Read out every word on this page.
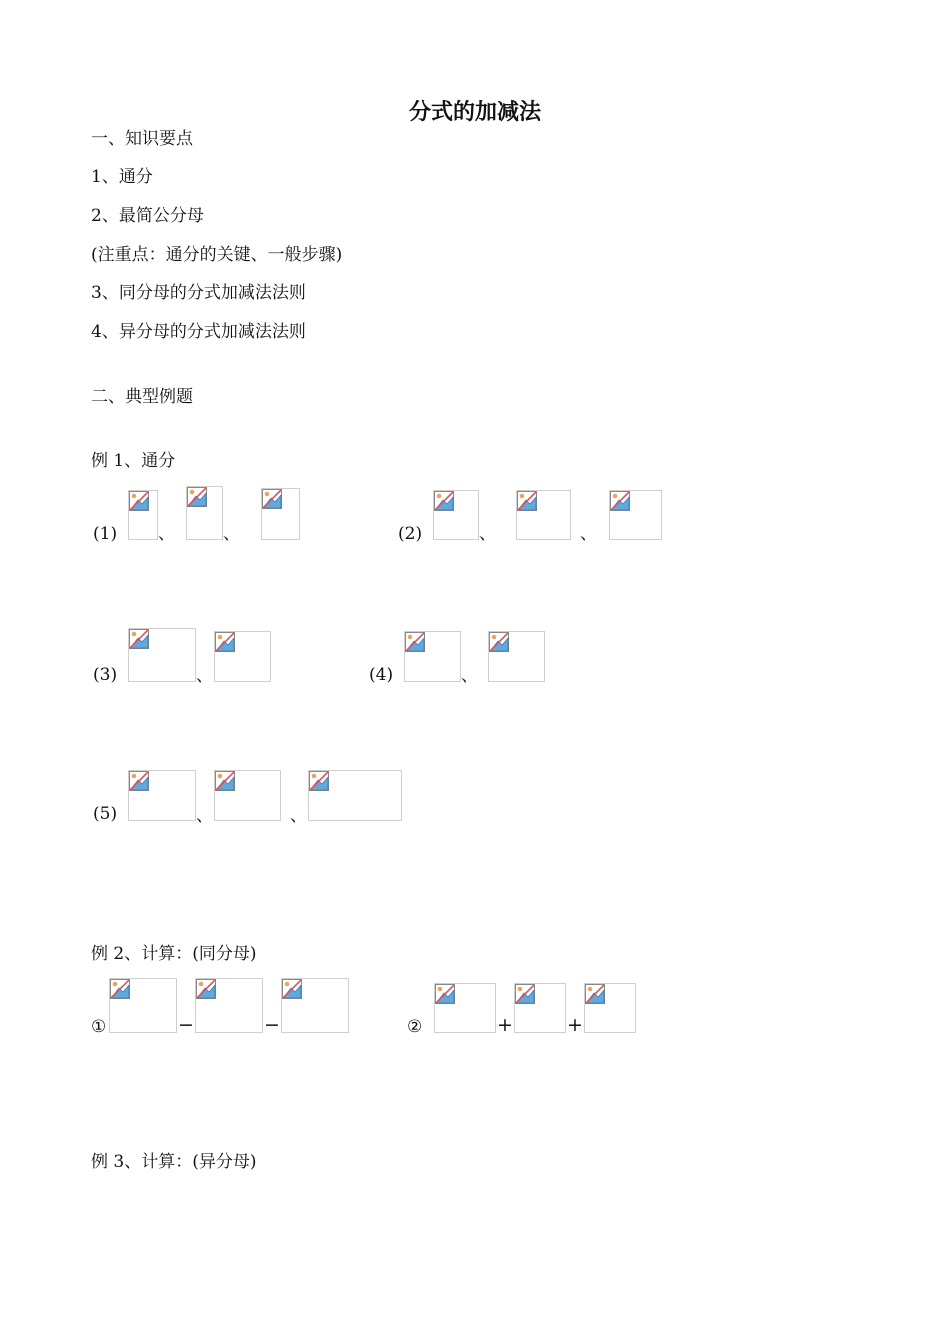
分式的加减法
一、知识要点
1、通分
2、最简公分母
(注重点：通分的关键、一般步骤)
3、同分母的分式加减法法则
4、异分母的分式加减法法则
二、典型例题
例 1、通分
(1) 、	、	(2)	、	、
(3)	、	(4)	、
(5)	、	、
例 2、计算：(同分母)
①	−	−	②	+	+
例 3、计算：(异分母)
